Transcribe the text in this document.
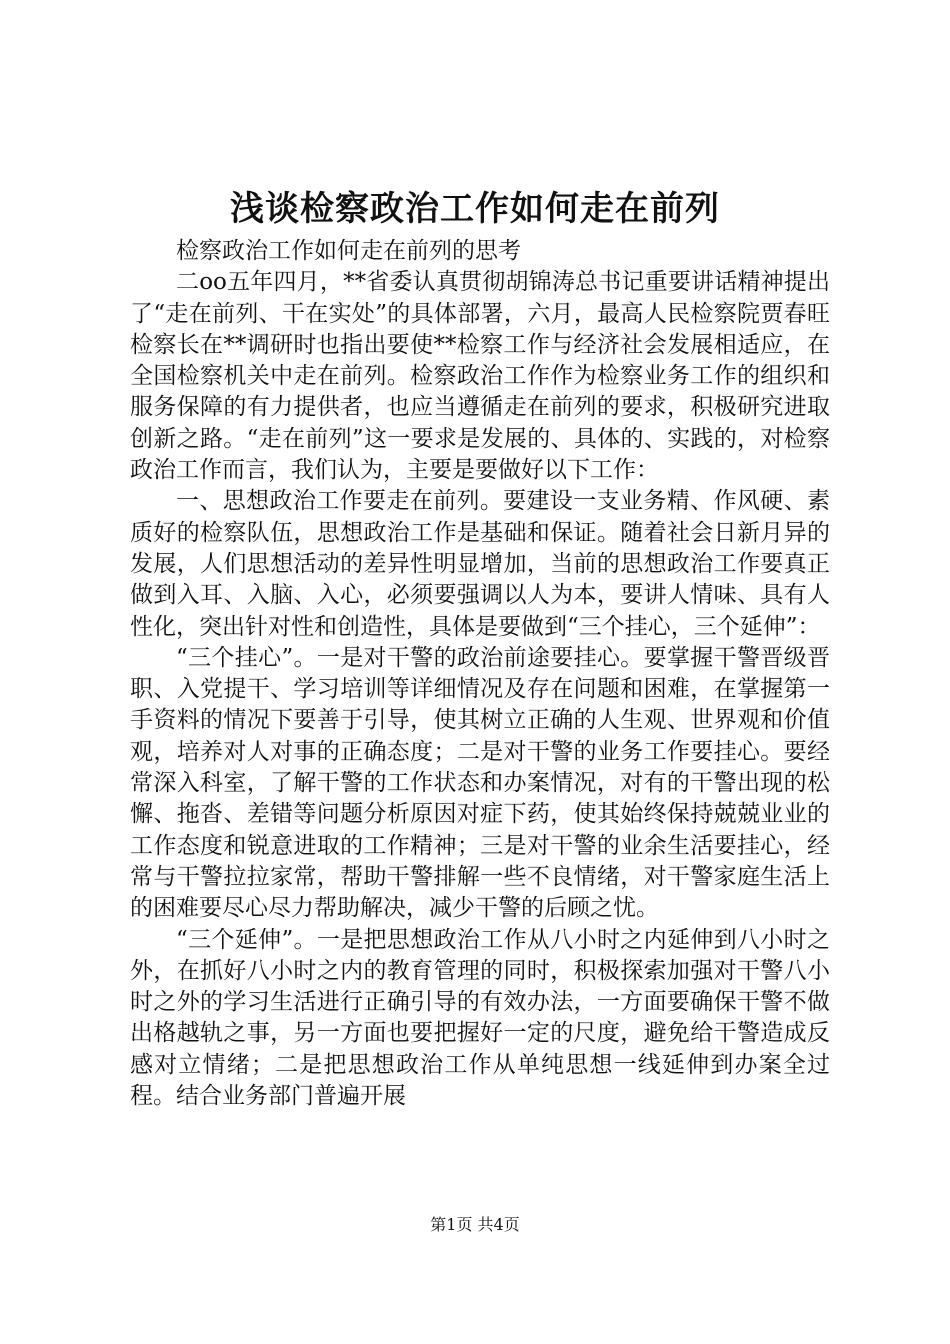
浅谈检察政治工作如何走在前列

检察政治工作如何走在前列的思考

二oo五年四月，**省委认真贯彻胡锦涛总书记重要讲话精神提出了“走在前列、干在实处”的具体部署，六月，最高人民检察院贾春旺检察长在**调研时也指出要使**检察工作与经济社会发展相适应，在全国检察机关中走在前列。检察政治工作作为检察业务工作的组织和服务保障的有力提供者，也应当遵循走在前列的要求，积极研究进取创新之路。“走在前列”这一要求是发展的、具体的、实践的，对检察政治工作而言，我们认为，主要是要做好以下工作：

一、思想政治工作要走在前列。要建设一支业务精、作风硬、素质好的检察队伍，思想政治工作是基础和保证。随着社会日新月异的发展，人们思想活动的差异性明显增加，当前的思想政治工作要真正做到入耳、入脑、入心，必须要强调以人为本，要讲人情味、具有人性化，突出针对性和创造性，具体是要做到“三个挂心，三个延伸”：

“三个挂心”。一是对干警的政治前途要挂心。要掌握干警晋级晋职、入党提干、学习培训等详细情况及存在问题和困难，在掌握第一手资料的情况下要善于引导，使其树立正确的人生观、世界观和价值观，培养对人对事的正确态度；二是对干警的业务工作要挂心。要经常深入科室，了解干警的工作状态和办案情况，对有的干警出现的松懈、拖沓、差错等问题分析原因对症下药，使其始终保持兢兢业业的工作态度和锐意进取的工作精神；三是对干警的业余生活要挂心，经常与干警拉拉家常，帮助干警排解一些不良情绪，对干警家庭生活上的困难要尽心尽力帮助解决，减少干警的后顾之忧。

“三个延伸”。一是把思想政治工作从八小时之内延伸到八小时之外，在抓好八小时之内的教育管理的同时，积极探索加强对干警八小时之外的学习生活进行正确引导的有效办法，一方面要确保干警不做出格越轨之事，另一方面也要把握好一定的尺度，避免给干警造成反感对立情绪；二是把思想政治工作从单纯思想一线延伸到办案全过程。结合业务部门普遍开展

第1页 共4页
